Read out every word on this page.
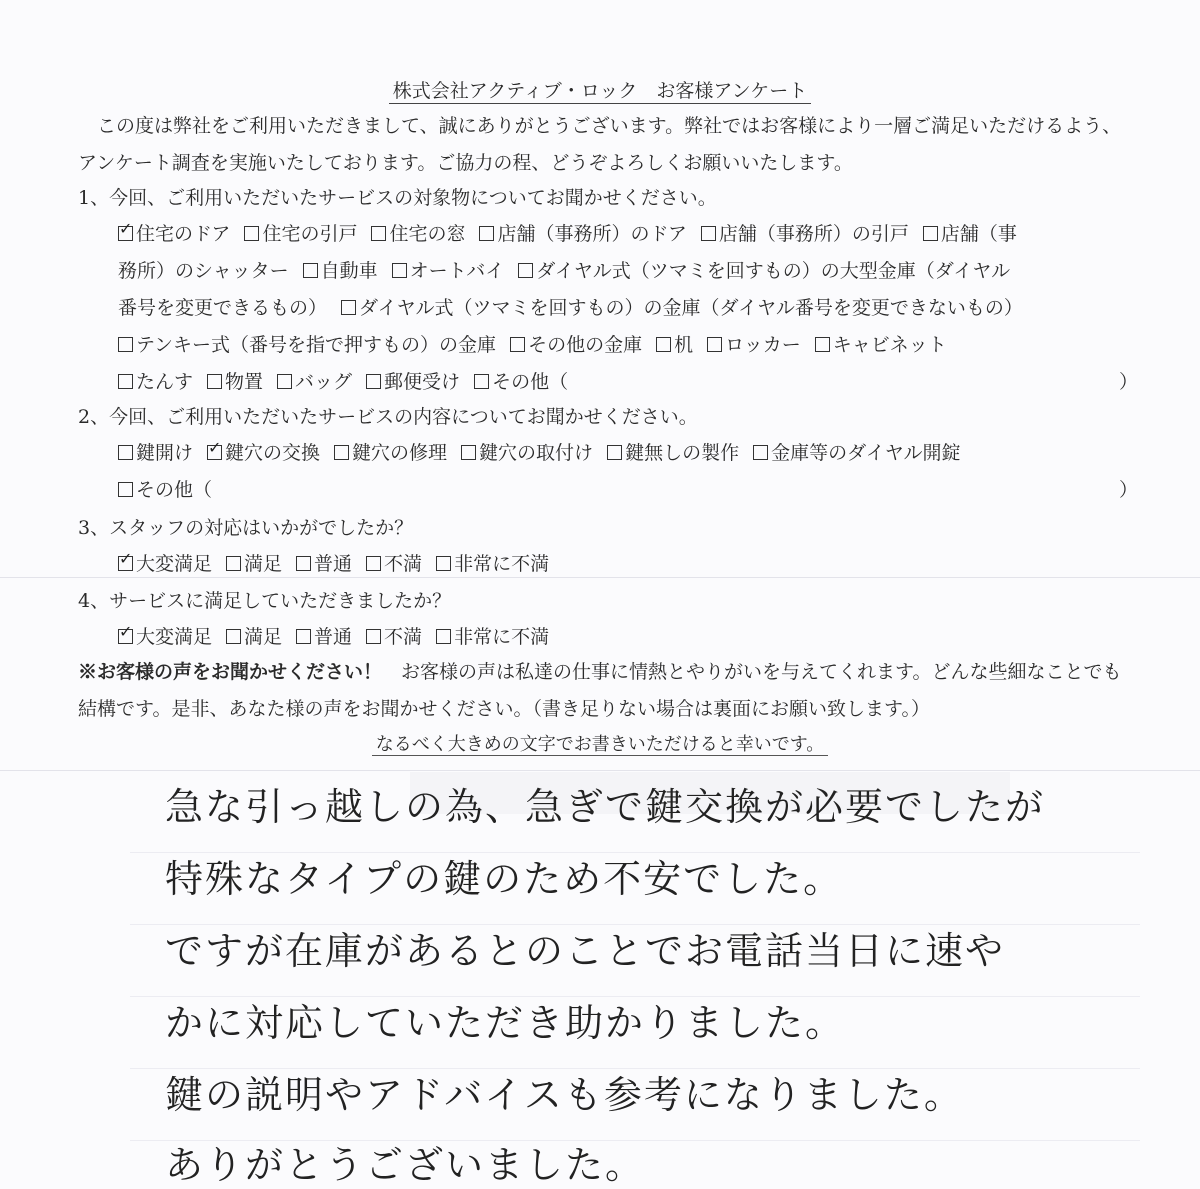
株式会社アクティブ・ロック　お客様アンケート
この度は弊社をご利用いただきまして、誠にありがとうございます。弊社ではお客様により一層ご満足いただけるよう、アンケート調査を実施いたしております。ご協力の程、どうぞよろしくお願いいたします。
1、今回、ご利用いただいたサービスの対象物についてお聞かせください。
✓
住宅のドア 住宅の引戸 住宅の窓 店舗（事務所）のドア 店舗（事務所）の引戸 店舗（事
務所）のシャッター 自動車 オートバイ ダイヤル式（ツマミを回すもの）の大型金庫（ダイヤル
番号を変更できるもの） ダイヤル式（ツマミを回すもの）の金庫（ダイヤル番号を変更できないもの）
テンキー式（番号を指で押すもの）の金庫 その他の金庫 机 ロッカー キャビネット
たんす 物置 バッグ 郵便受け その他（	）
2、今回、ご利用いただいたサービスの内容についてお聞かせください。
鍵開け
✓ 鍵穴の交換 鍵穴の修理 鍵穴の取付け 鍵無しの製作 金庫等のダイヤル開錠
その他（	）
3、スタッフの対応はいかがでしたか？
✓
大変満足 満足 普通 不満 非常に不満
4、サービスに満足していただきましたか？
✓
大変満足 満足 普通 不満 非常に不満
※お客様の声をお聞かせください！　お客様の声は私達の仕事に情熱とやりがいを与えてくれます。どんな些細なことでも結構です。是非、あなた様の声をお聞かせください。（書き足りない場合は裏面にお願い致します。）
なるべく大きめの文字でお書きいただけると幸いです。
急な引っ越しの為、急ぎで鍵交換が必要でしたが
特殊なタイプの鍵のため不安でした。
ですが在庫があるとのことでお電話当日に速や
かに対応していただき助かりました。
鍵の説明やアドバイスも参考になりました。
ありがとうございました。
